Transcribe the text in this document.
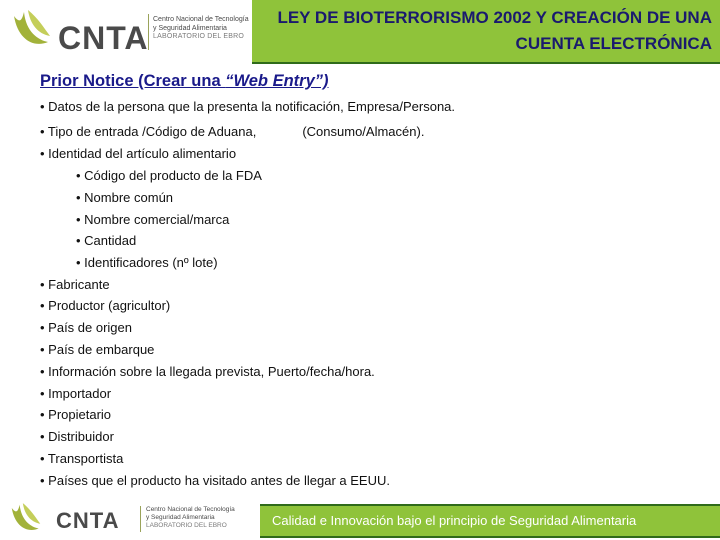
CNTA
Centro Nacional de Tecnología
y Seguridad Alimentaria
LABORATORIO DEL EBRO
LEY DE BIOTERRORISMO 2002 Y CREACIÓN DE UNA
CUENTA ELECTRÓNICA
Prior Notice (Crear una “Web Entry”)
• Datos de la persona que la presenta la notificación, Empresa/Persona.
• Tipo de entrada /Código de Aduana,	(Consumo/Almacén).
• Identidad del artículo alimentario
• Código del producto de la FDA
• Nombre común
• Nombre comercial/marca
• Cantidad
• Identificadores (nº lote)
• Fabricante
• Productor (agricultor)
• País de origen
• País de embarque
• Información sobre la llegada prevista, Puerto/fecha/hora.
• Importador
• Propietario
• Distribuidor
• Transportista
• Países que el producto ha visitado antes de llegar a EEUU.
CNTA	Centro Nacional de Tecnología
y Seguridad Alimentaria
LABORATORIO DEL EBRO	Calidad e Innovación bajo el principio de Seguridad Alimentaria
